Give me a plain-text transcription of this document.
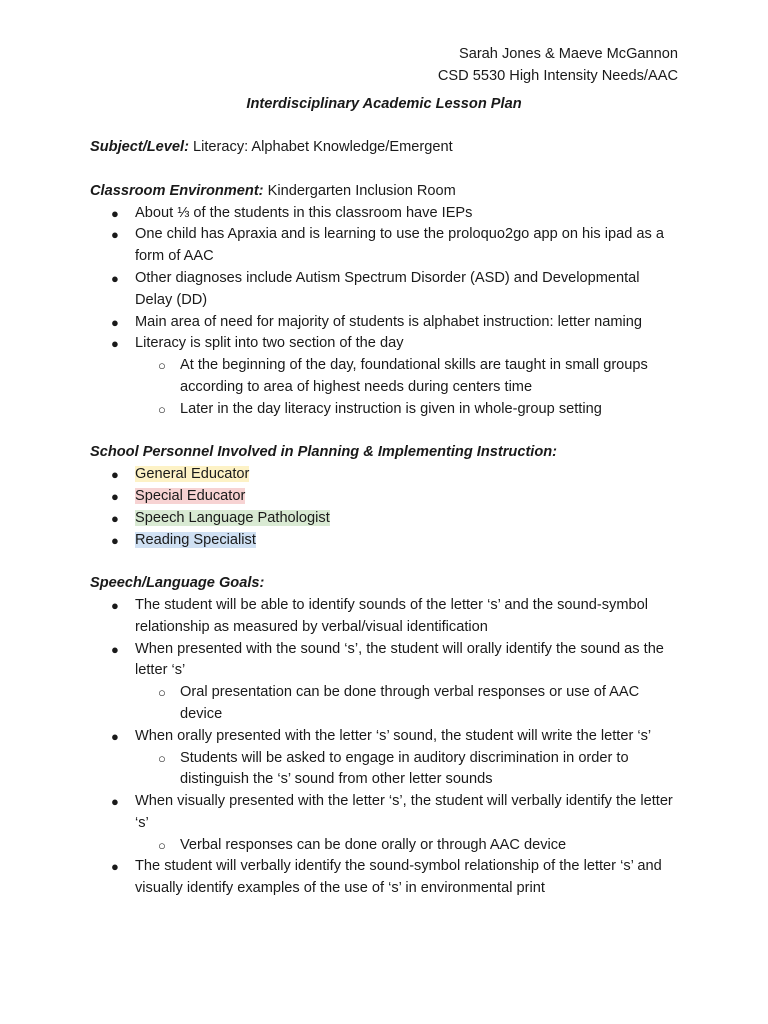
Sarah Jones & Maeve McGannon
CSD 5530 High Intensity Needs/AAC
Interdisciplinary Academic Lesson Plan
Subject/Level: Literacy: Alphabet Knowledge/Emergent
Classroom Environment: Kindergarten Inclusion Room
● About ⅓ of the students in this classroom have IEPs
● One child has Apraxia and is learning to use the proloquo2go app on his ipad as a form of AAC
● Other diagnoses include Autism Spectrum Disorder (ASD) and Developmental Delay (DD)
● Main area of need for majority of students is alphabet instruction: letter naming
● Literacy is split into two section of the day
○ At the beginning of the day, foundational skills are taught in small groups according to area of highest needs during centers time
○ Later in the day literacy instruction is given in whole-group setting
School Personnel Involved in Planning & Implementing Instruction:
● General Educator
● Special Educator
● Speech Language Pathologist
● Reading Specialist
Speech/Language Goals:
● The student will be able to identify sounds of the letter ‘s’ and the sound-symbol relationship as measured by verbal/visual identification
● When presented with the sound ‘s’, the student will orally identify the sound as the letter ‘s’
○ Oral presentation can be done through verbal responses or use of AAC device
● When orally presented with the letter ‘s’ sound, the student will write the letter ‘s’
○ Students will be asked to engage in auditory discrimination in order to distinguish the ‘s’ sound from other letter sounds
● When visually presented with the letter ‘s’, the student will verbally identify the letter ‘s’
○ Verbal responses can be done orally or through AAC device
● The student will verbally identify the sound-symbol relationship of the letter ‘s’ and visually identify examples of the use of ‘s’ in environmental print
